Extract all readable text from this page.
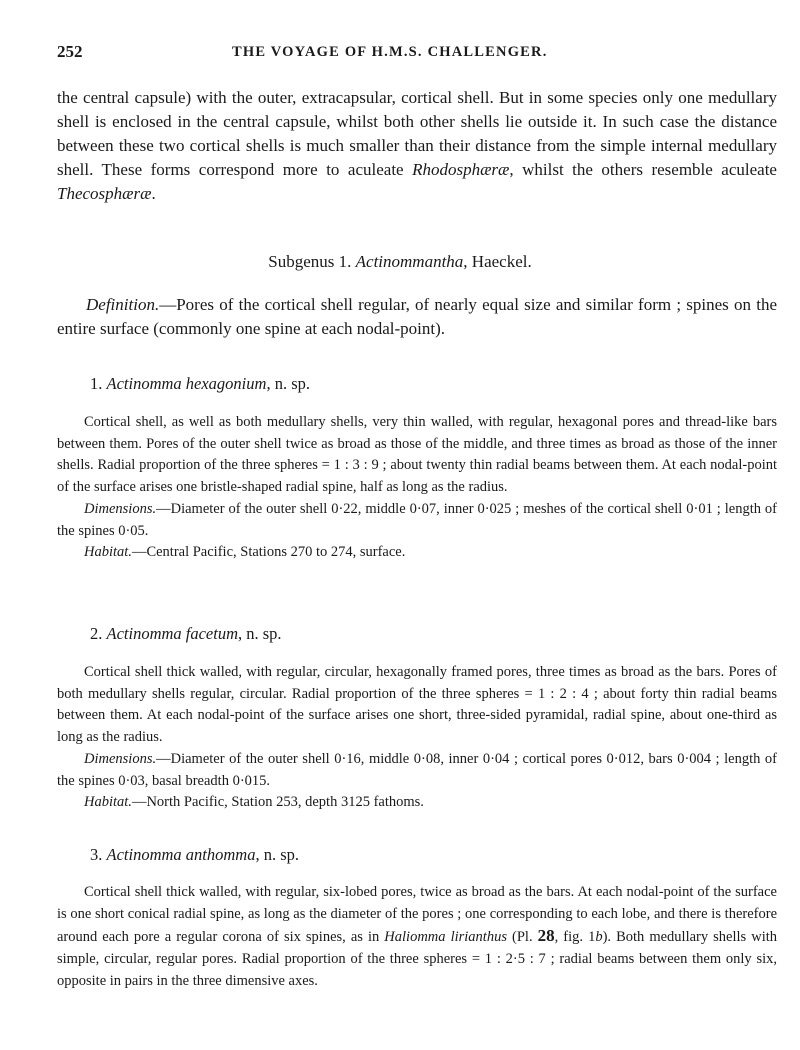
252	THE VOYAGE OF H.M.S. CHALLENGER.

the central capsule) with the outer, extracapsular, cortical shell. But in some species only one medullary shell is enclosed in the central capsule, whilst both other shells lie outside it. In such case the distance between these two cortical shells is much smaller than their distance from the simple internal medullary shell. These forms correspond more to aculeate Rhodosphæræ, whilst the others resemble aculeate Thecosphæræ.

Subgenus 1. Actinommantha, Haeckel.

Definition.—Pores of the cortical shell regular, of nearly equal size and similar form ; spines on the entire surface (commonly one spine at each nodal-point).

1. Actinomma hexagonium, n. sp.

Cortical shell, as well as both medullary shells, very thin walled, with regular, hexagonal pores and thread-like bars between them. Pores of the outer shell twice as broad as those of the middle, and three times as broad as those of the inner shells. Radial proportion of the three spheres = 1 : 3 : 9 ; about twenty thin radial beams between them. At each nodal-point of the surface arises one bristle-shaped radial spine, half as long as the radius.

Dimensions.—Diameter of the outer shell 0·22, middle 0·07, inner 0·025 ; meshes of the cortical shell 0·01 ; length of the spines 0·05.

Habitat.—Central Pacific, Stations 270 to 274, surface.

2. Actinomma facetum, n. sp.

Cortical shell thick walled, with regular, circular, hexagonally framed pores, three times as broad as the bars. Pores of both medullary shells regular, circular. Radial proportion of the three spheres = 1 : 2 : 4 ; about forty thin radial beams between them. At each nodal-point of the surface arises one short, three-sided pyramidal, radial spine, about one-third as long as the radius.

Dimensions.—Diameter of the outer shell 0·16, middle 0·08, inner 0·04 ; cortical pores 0·012, bars 0·004 ; length of the spines 0·03, basal breadth 0·015.

Habitat.—North Pacific, Station 253, depth 3125 fathoms.

3. Actinomma anthomma, n. sp.

Cortical shell thick walled, with regular, six-lobed pores, twice as broad as the bars. At each nodal-point of the surface is one short conical radial spine, as long as the diameter of the pores ; one corresponding to each lobe, and there is therefore around each pore a regular corona of six spines, as in Haliomma lirianthus (Pl. 28, fig. 1b). Both medullary shells with simple, circular, regular pores. Radial proportion of the three spheres = 1 : 2·5 : 7 ; radial beams between them only six, opposite in pairs in the three dimensive axes.
